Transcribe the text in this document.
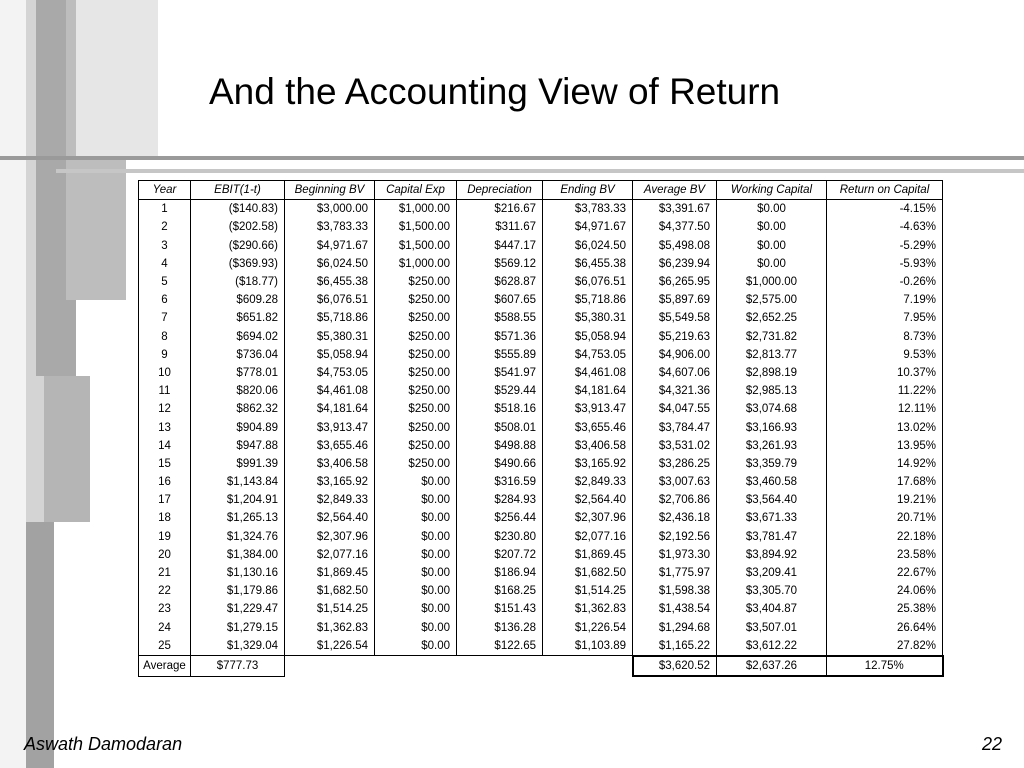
And the Accounting View of Return
Year	EBIT(1-t)	Beginning BV	Capital Exp	Depreciation	Ending BV	Average BV	Working Capital	Return on Capital
1	($140.83)	$3,000.00	$1,000.00	$216.67	$3,783.33	$3,391.67	$0.00	-4.15%
2	($202.58)	$3,783.33	$1,500.00	$311.67	$4,971.67	$4,377.50	$0.00	-4.63%
3	($290.66)	$4,971.67	$1,500.00	$447.17	$6,024.50	$5,498.08	$0.00	-5.29%
4	($369.93)	$6,024.50	$1,000.00	$569.12	$6,455.38	$6,239.94	$0.00	-5.93%
5	($18.77)	$6,455.38	$250.00	$628.87	$6,076.51	$6,265.95	$1,000.00	-0.26%
6	$609.28	$6,076.51	$250.00	$607.65	$5,718.86	$5,897.69	$2,575.00	7.19%
7	$651.82	$5,718.86	$250.00	$588.55	$5,380.31	$5,549.58	$2,652.25	7.95%
8	$694.02	$5,380.31	$250.00	$571.36	$5,058.94	$5,219.63	$2,731.82	8.73%
9	$736.04	$5,058.94	$250.00	$555.89	$4,753.05	$4,906.00	$2,813.77	9.53%
10	$778.01	$4,753.05	$250.00	$541.97	$4,461.08	$4,607.06	$2,898.19	10.37%
11	$820.06	$4,461.08	$250.00	$529.44	$4,181.64	$4,321.36	$2,985.13	11.22%
12	$862.32	$4,181.64	$250.00	$518.16	$3,913.47	$4,047.55	$3,074.68	12.11%
13	$904.89	$3,913.47	$250.00	$508.01	$3,655.46	$3,784.47	$3,166.93	13.02%
14	$947.88	$3,655.46	$250.00	$498.88	$3,406.58	$3,531.02	$3,261.93	13.95%
15	$991.39	$3,406.58	$250.00	$490.66	$3,165.92	$3,286.25	$3,359.79	14.92%
16	$1,143.84	$3,165.92	$0.00	$316.59	$2,849.33	$3,007.63	$3,460.58	17.68%
17	$1,204.91	$2,849.33	$0.00	$284.93	$2,564.40	$2,706.86	$3,564.40	19.21%
18	$1,265.13	$2,564.40	$0.00	$256.44	$2,307.96	$2,436.18	$3,671.33	20.71%
19	$1,324.76	$2,307.96	$0.00	$230.80	$2,077.16	$2,192.56	$3,781.47	22.18%
20	$1,384.00	$2,077.16	$0.00	$207.72	$1,869.45	$1,973.30	$3,894.92	23.58%
21	$1,130.16	$1,869.45	$0.00	$186.94	$1,682.50	$1,775.97	$3,209.41	22.67%
22	$1,179.86	$1,682.50	$0.00	$168.25	$1,514.25	$1,598.38	$3,305.70	24.06%
23	$1,229.47	$1,514.25	$0.00	$151.43	$1,362.83	$1,438.54	$3,404.87	25.38%
24	$1,279.15	$1,362.83	$0.00	$136.28	$1,226.54	$1,294.68	$3,507.01	26.64%
25	$1,329.04	$1,226.54	$0.00	$122.65	$1,103.89	$1,165.22	$3,612.22	27.82%
Average	$777.73					$3,620.52	$2,637.26	12.75%
Aswath Damodaran	22
